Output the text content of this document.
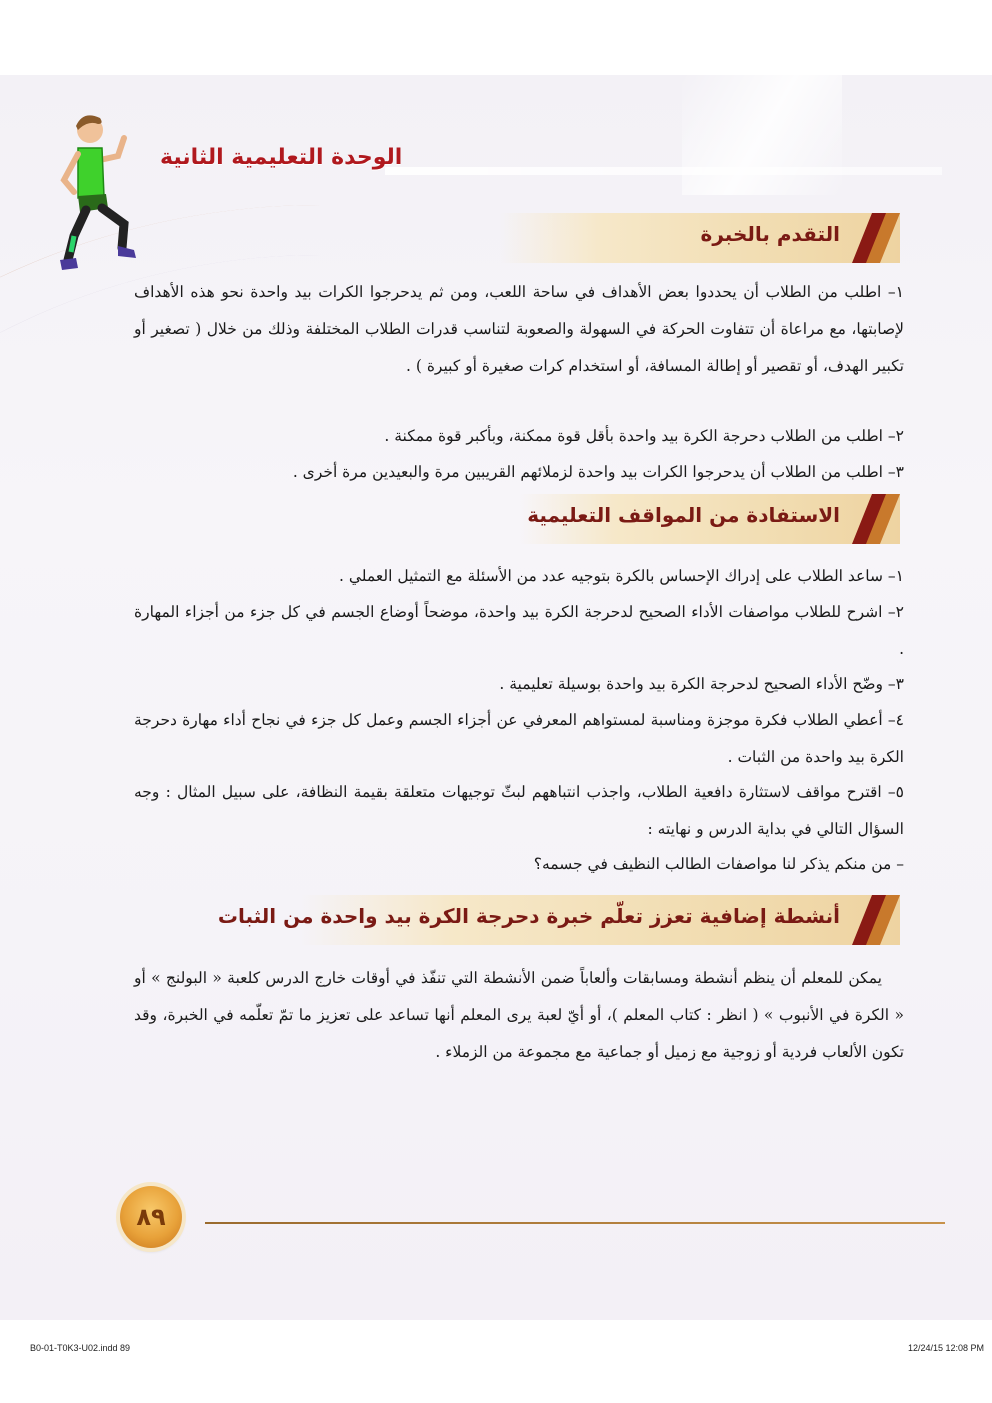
الوحدة التعليمية الثانية
التقدم بالخبرة
١– اطلب من الطلاب أن يحددوا بعض الأهداف في ساحة اللعب، ومن ثم يدحرجوا الكرات بيد واحدة نحو هذه الأهداف لإصابتها، مع مراعاة أن تتفاوت الحركة في السهولة والصعوبة لتناسب قدرات الطلاب المختلفة وذلك من خلال ( تصغير أو تكبير الهدف، أو تقصير أو إطالة المسافة، أو استخدام كرات صغيرة أو كبيرة ) .
٢– اطلب من الطلاب دحرجة الكرة بيد واحدة بأقل قوة ممكنة، وبأكبر قوة ممكنة .
٣– اطلب من الطلاب أن يدحرجوا الكرات بيد واحدة لزملائهم القريبين مرة والبعيدين مرة أخرى .
الاستفادة من المواقف التعليمية
١– ساعد الطلاب على إدراك الإحساس بالكرة بتوجيه عدد من الأسئلة مع التمثيل العملي .
٢– اشرح للطلاب مواصفات الأداء الصحيح لدحرجة الكرة بيد واحدة، موضحاً أوضاع الجسم في كل جزء من أجزاء المهارة .
٣– وضّح الأداء الصحيح لدحرجة الكرة بيد واحدة بوسيلة تعليمية .
٤– أعطي الطلاب فكرة موجزة ومناسبة لمستواهم المعرفي عن أجزاء الجسم وعمل كل جزء في نجاح أداء مهارة دحرجة الكرة بيد واحدة من الثبات .
٥– اقترح مواقف لاستثارة دافعية الطلاب، واجذب انتباههم لبثّ توجيهات متعلقة بقيمة النظافة، على سبيل المثال : وجه السؤال التالي في بداية الدرس و نهايته :
– من منكم يذكر لنا مواصفات الطالب النظيف في جسمه؟
أنشطة إضافية تعزز تعلّم خبرة دحرجة الكرة بيد واحدة من الثبات
يمكن للمعلم أن ينظم أنشطة ومسابقات وألعاباً ضمن الأنشطة التي تنفّذ في أوقات خارج الدرس كلعبة « البولنج » أو « الكرة في الأنبوب » ( انظر : كتاب المعلم )، أو أيّ لعبة يرى المعلم أنها تساعد على تعزيز ما تمّ تعلّمه في الخبرة، وقد تكون الألعاب فردية أو زوجية مع زميل أو جماعية مع مجموعة من الزملاء .
٨٩
B0-01-T0K3-U02.indd 89	12/24/15 12:08 PM
